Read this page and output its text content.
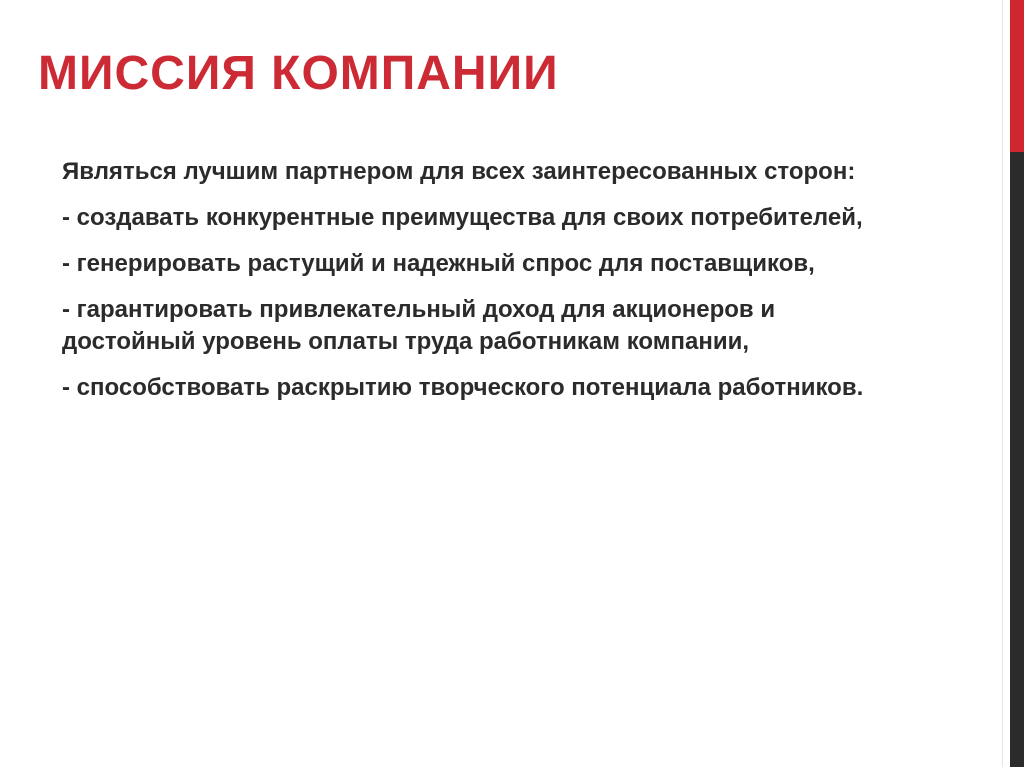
МИССИЯ КОМПАНИИ

Являться лучшим партнером для всех заинтересованных сторон:

- создавать конкурентные преимущества для своих потребителей,

- генерировать растущий и надежный спрос для поставщиков,

- гарантировать привлекательный доход для акционеров и достойный уровень оплаты труда работникам компании,

- способствовать раскрытию творческого потенциала работников.
